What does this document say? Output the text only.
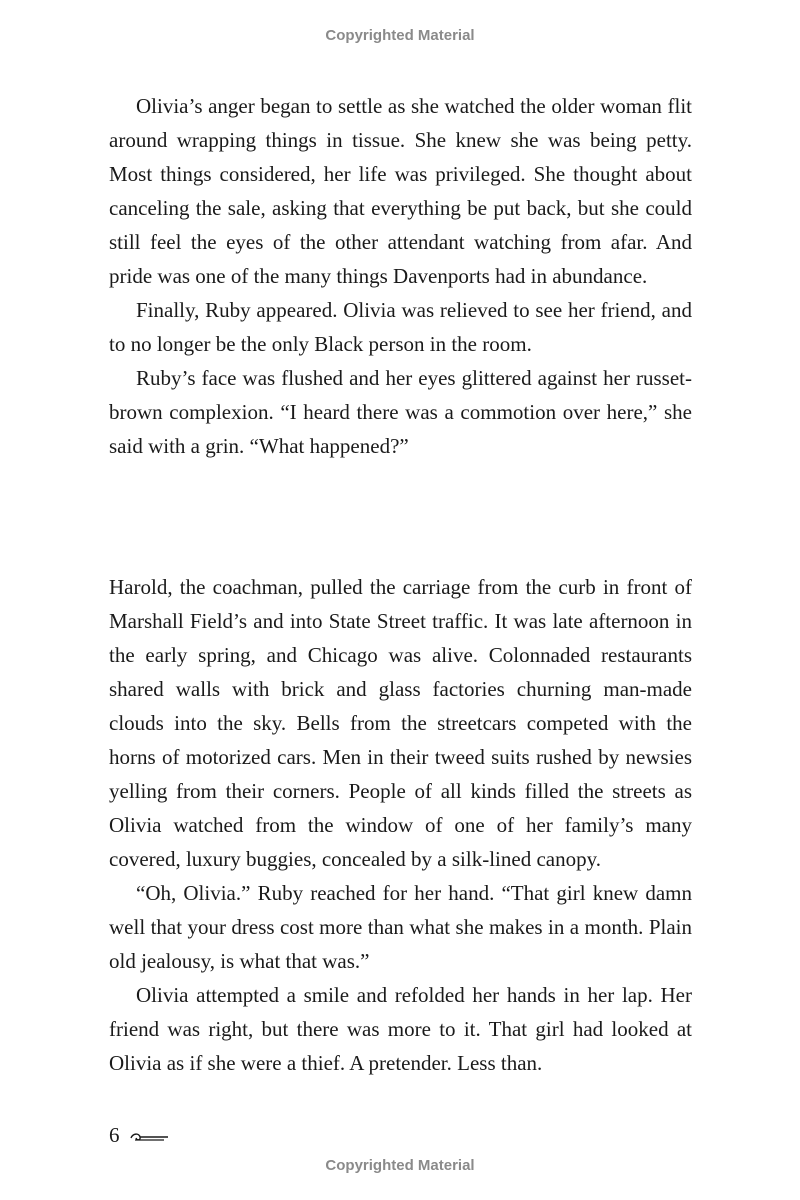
Copyrighted Material

Olivia’s anger began to settle as she watched the older woman flit around wrapping things in tissue. She knew she was being petty. Most things considered, her life was privileged. She thought about canceling the sale, asking that everything be put back, but she could still feel the eyes of the other attendant watching from afar. And pride was one of the many things Davenports had in abundance.

Finally, Ruby appeared. Olivia was relieved to see her friend, and to no longer be the only Black person in the room.

Ruby’s face was flushed and her eyes glittered against her russet-brown complexion. “I heard there was a commotion over here,” she said with a grin. “What happened?”

Harold, the coachman, pulled the carriage from the curb in front of Marshall Field’s and into State Street traffic. It was late afternoon in the early spring, and Chicago was alive. Colonnaded restaurants shared walls with brick and glass factories churning man-made clouds into the sky. Bells from the streetcars competed with the horns of motorized cars. Men in their tweed suits rushed by newsies yelling from their corners. People of all kinds filled the streets as Olivia watched from the window of one of her family’s many covered, luxury buggies, concealed by a silk-lined canopy.

“Oh, Olivia.” Ruby reached for her hand. “That girl knew damn well that your dress cost more than what she makes in a month. Plain old jealousy, is what that was.”

Olivia attempted a smile and refolded her hands in her lap. Her friend was right, but there was more to it. That girl had looked at Olivia as if she were a thief. A pretender. Less than.

6
Copyrighted Material
